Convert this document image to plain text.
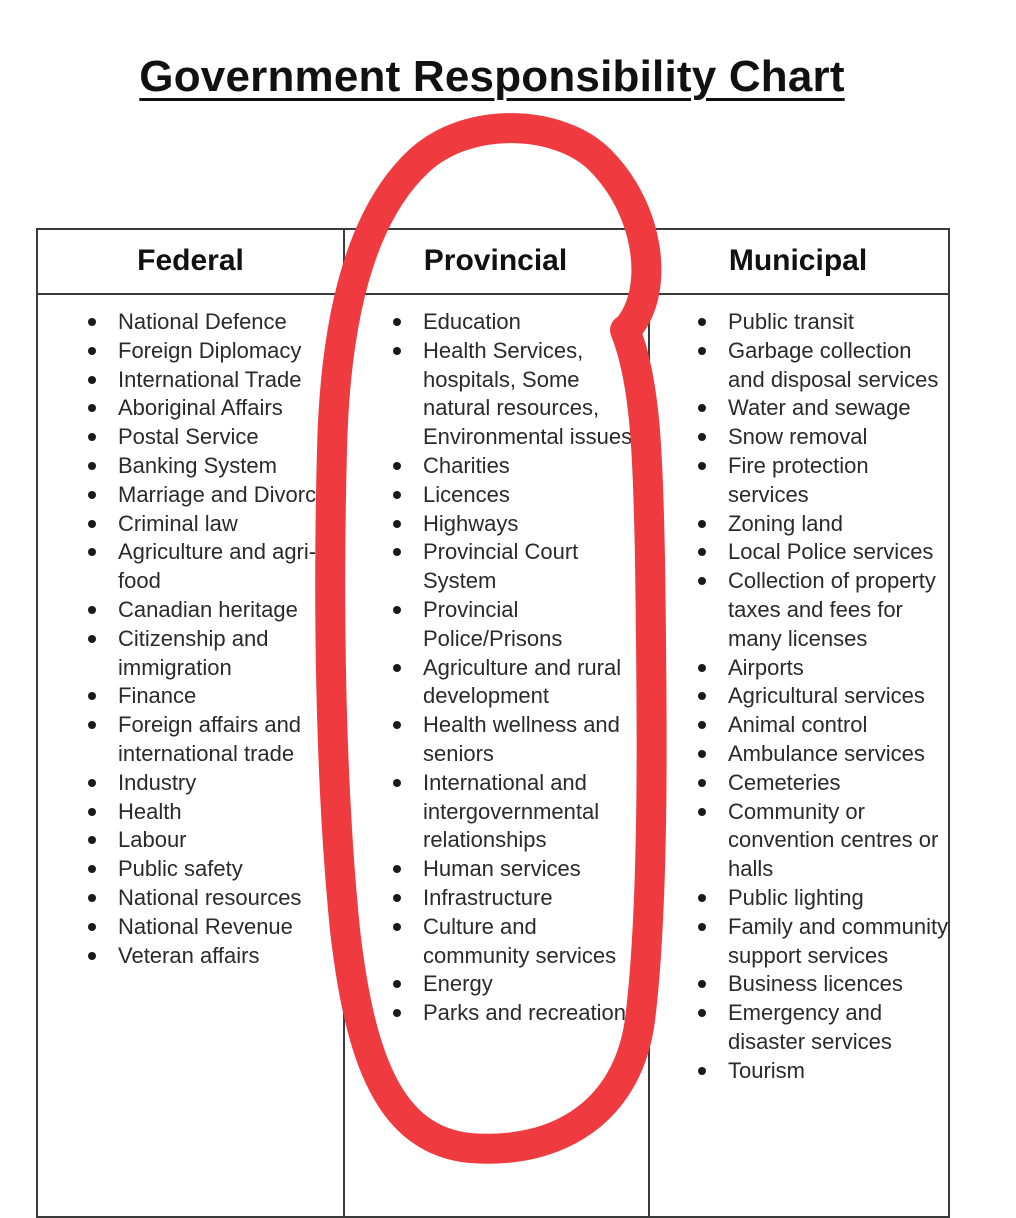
Government Responsibility Chart
Federal
National Defence
Foreign Diplomacy
International Trade
Aboriginal Affairs
Postal Service
Banking System
Marriage and Divorce
Criminal law
Agriculture and agri-food
Canadian heritage
Citizenship and immigration
Finance
Foreign affairs and international trade
Industry
Health
Labour
Public safety
National resources
National Revenue
Veteran affairs
Provincial
Education
Health Services, hospitals, Some natural resources, Environmental issues
Charities
Licences
Highways
Provincial Court System
Provincial Police/Prisons
Agriculture and rural development
Health wellness and seniors
International and intergovernmental relationships
Human services
Infrastructure
Culture and community services
Energy
Parks and recreation
Municipal
Public transit
Garbage collection and disposal services
Water and sewage
Snow removal
Fire protection services
Zoning land
Local Police services
Collection of property taxes and fees for many licenses
Airports
Agricultural services
Animal control
Ambulance services
Cemeteries
Community or convention centres or halls
Public lighting
Family and community support services
Business licences
Emergency and disaster services
Tourism
